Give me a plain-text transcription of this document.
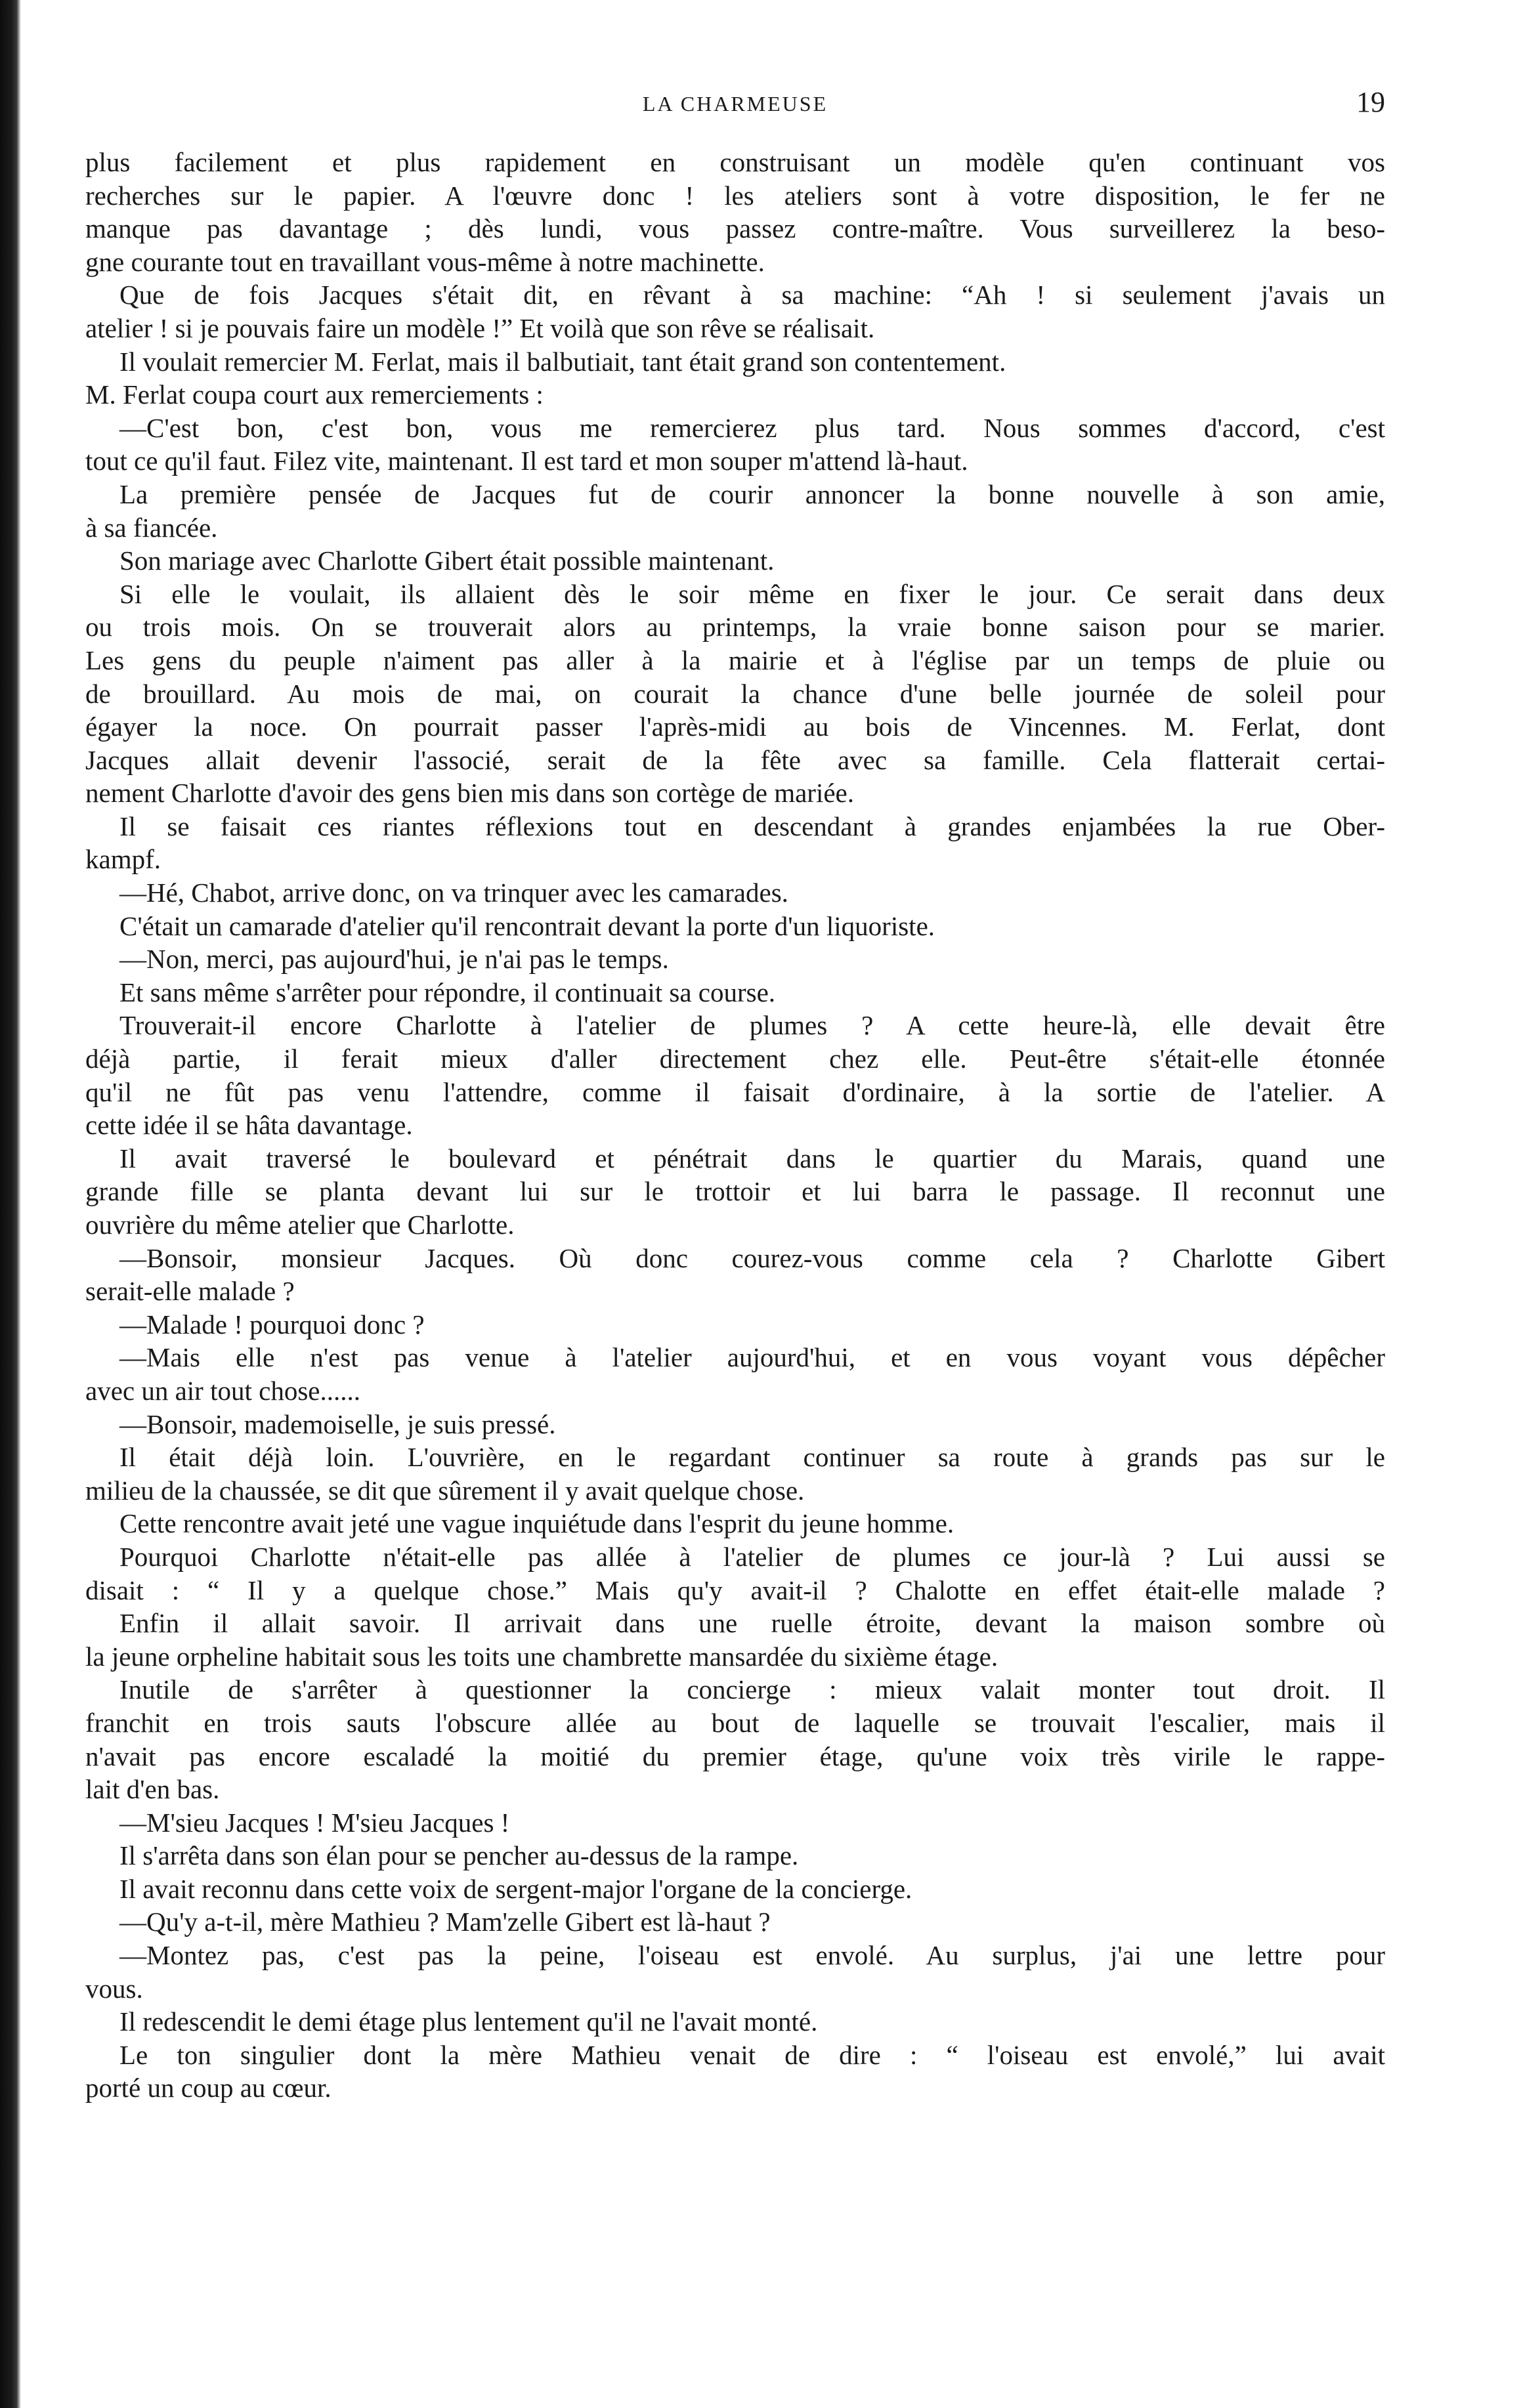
LA CHARMEUSE	19
plus facilement et plus rapidement en construisant un modèle qu'en continuant vos
recherches sur le papier. A l'œuvre donc ! les ateliers sont à votre disposition, le fer ne
manque pas davantage ; dès lundi, vous passez contre-maître. Vous surveillerez la beso-
gne courante tout en travaillant vous-même à notre machinette.
Que de fois Jacques s'était dit, en rêvant à sa machine: “Ah ! si seulement j'avais un
atelier ! si je pouvais faire un modèle !” Et voilà que son rêve se réalisait.
Il voulait remercier M. Ferlat, mais il balbutiait, tant était grand son contentement.
M. Ferlat coupa court aux remerciements :
—C'est bon, c'est bon, vous me remercierez plus tard. Nous sommes d'accord, c'est
tout ce qu'il faut. Filez vite, maintenant. Il est tard et mon souper m'attend là-haut.
La première pensée de Jacques fut de courir annoncer la bonne nouvelle à son amie,
à sa fiancée.
Son mariage avec Charlotte Gibert était possible maintenant.
Si elle le voulait, ils allaient dès le soir même en fixer le jour. Ce serait dans deux
ou trois mois. On se trouverait alors au printemps, la vraie bonne saison pour se marier.
Les gens du peuple n'aiment pas aller à la mairie et à l'église par un temps de pluie ou
de brouillard. Au mois de mai, on courait la chance d'une belle journée de soleil pour
égayer la noce. On pourrait passer l'après-midi au bois de Vincennes. M. Ferlat, dont
Jacques allait devenir l'associé, serait de la fête avec sa famille. Cela flatterait certai-
nement Charlotte d'avoir des gens bien mis dans son cortège de mariée.
Il se faisait ces riantes réflexions tout en descendant à grandes enjambées la rue Ober-
kampf.
—Hé, Chabot, arrive donc, on va trinquer avec les camarades.
C'était un camarade d'atelier qu'il rencontrait devant la porte d'un liquoriste.
—Non, merci, pas aujourd'hui, je n'ai pas le temps.
Et sans même s'arrêter pour répondre, il continuait sa course.
Trouverait-il encore Charlotte à l'atelier de plumes ? A cette heure-là, elle devait être
déjà partie, il ferait mieux d'aller directement chez elle. Peut-être s'était-elle étonnée
qu'il ne fût pas venu l'attendre, comme il faisait d'ordinaire, à la sortie de l'atelier. A
cette idée il se hâta davantage.
Il avait traversé le boulevard et pénétrait dans le quartier du Marais, quand une
grande fille se planta devant lui sur le trottoir et lui barra le passage. Il reconnut une
ouvrière du même atelier que Charlotte.
—Bonsoir, monsieur Jacques. Où donc courez-vous comme cela ? Charlotte Gibert
serait-elle malade ?
—Malade ! pourquoi donc ?
—Mais elle n'est pas venue à l'atelier aujourd'hui, et en vous voyant vous dépêcher
avec un air tout chose......
—Bonsoir, mademoiselle, je suis pressé.
Il était déjà loin. L'ouvrière, en le regardant continuer sa route à grands pas sur le
milieu de la chaussée, se dit que sûrement il y avait quelque chose.
Cette rencontre avait jeté une vague inquiétude dans l'esprit du jeune homme.
Pourquoi Charlotte n'était-elle pas allée à l'atelier de plumes ce jour-là ? Lui aussi se
disait : “ Il y a quelque chose.” Mais qu'y avait-il ? Chalotte en effet était-elle malade ?
Enfin il allait savoir. Il arrivait dans une ruelle étroite, devant la maison sombre où
la jeune orpheline habitait sous les toits une chambrette mansardée du sixième étage.
Inutile de s'arrêter à questionner la concierge : mieux valait monter tout droit. Il
franchit en trois sauts l'obscure allée au bout de laquelle se trouvait l'escalier, mais il
n'avait pas encore escaladé la moitié du premier étage, qu'une voix très virile le rappe-
lait d'en bas.
—M'sieu Jacques ! M'sieu Jacques !
Il s'arrêta dans son élan pour se pencher au-dessus de la rampe.
Il avait reconnu dans cette voix de sergent-major l'organe de la concierge.
—Qu'y a-t-il, mère Mathieu ? Mam'zelle Gibert est là-haut ?
—Montez pas, c'est pas la peine, l'oiseau est envolé. Au surplus, j'ai une lettre pour
vous.
Il redescendit le demi étage plus lentement qu'il ne l'avait monté.
Le ton singulier dont la mère Mathieu venait de dire : “ l'oiseau est envolé,” lui avait
porté un coup au cœur.
